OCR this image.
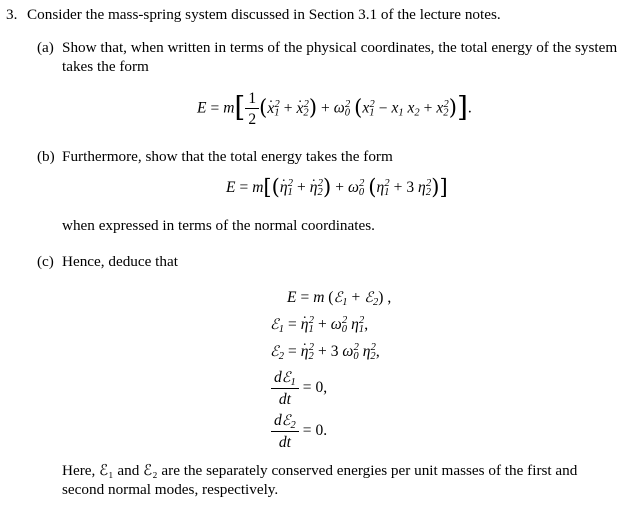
3. Consider the mass-spring system discussed in Section 3.1 of the lecture notes.
(a) Show that, when written in terms of the physical coordinates, the total energy of the system takes the form
$E = m[ \frac{1}{2} (x$ $._1^2 + x$ $._2^2) + \omega_0^2$ ($x_1^2 - x_1$ $x_2 + x_2^2$)].
(b) Furthermore, show that the total energy takes the form
E = m[(η $._1^2 + \eta$ $._2^2) + \omega_0^2$ ($\eta_1^2 + 3$ $\eta_2^2$)]
when expressed in terms of the normal coordinates.
(c) Hence, deduce that
E = m (ℰ$_1$ + ℰ$_2$) ,
ℰ$_1$ = η $._1^2 + \omega_0^2$ $\eta_1^2$,
ℰ$_2$ = η $._2^2 + 3$ $\omega_0^2$ $\eta_2^2$,
$\frac{dℰ_1}{dt} = 0$,
$\frac{dℰ_2}{dt} = 0$.
Here, ℰ₁ and ℰ₂ are the separately conserved energies per unit masses of the first and second normal modes, respectively.
